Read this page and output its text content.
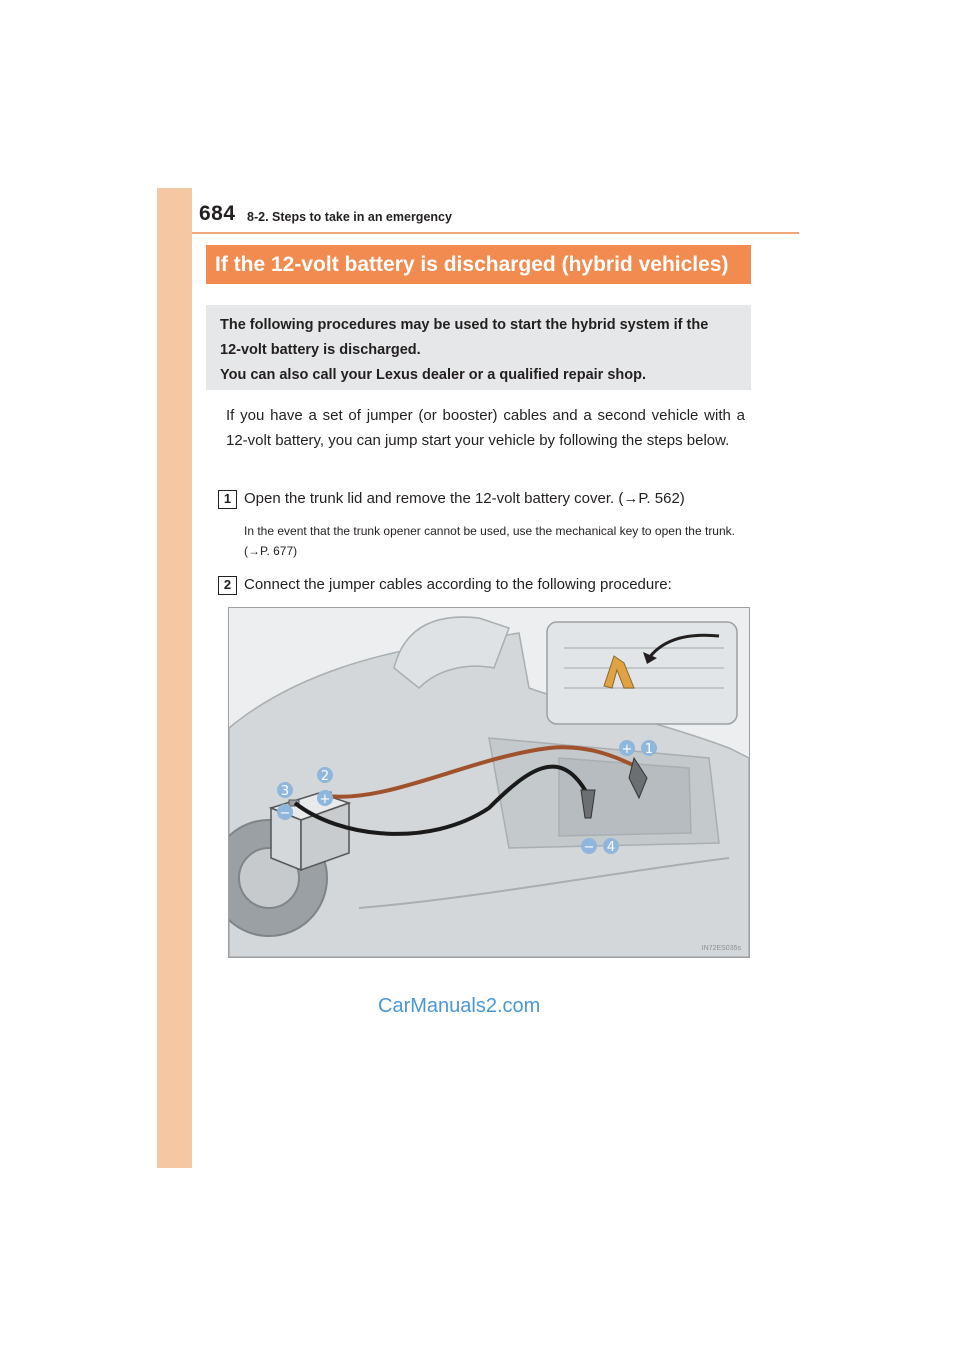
684 8-2. Steps to take in an emergency
If the 12-volt battery is discharged (hybrid vehicles)
The following procedures may be used to start the hybrid system if the
12-volt battery is discharged.
You can also call your Lexus dealer or a qualified repair shop.
If you have a set of jumper (or booster) cables and a second vehicle with a 12-volt battery, you can jump start your vehicle by following the steps below.
1 Open the trunk lid and remove the 12-volt battery cover. (→P. 562)
In the event that the trunk opener cannot be used, use the mechanical key to open the trunk. (→P. 677)
2 Connect the jumper cables according to the following procedure:
+ 1
2
+
3
−
− 4
IN72ES035s
CarManuals2.com
